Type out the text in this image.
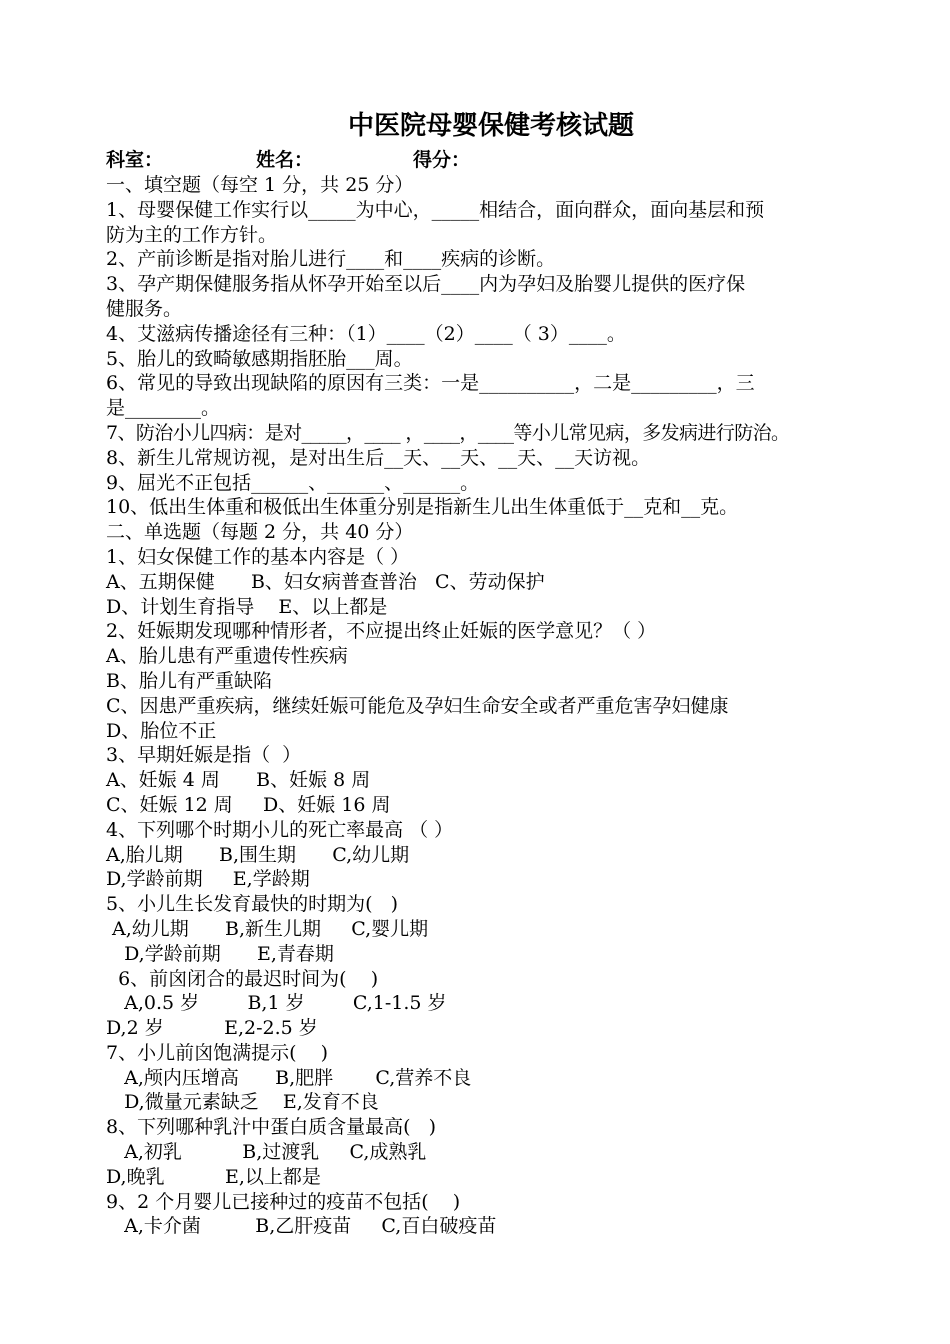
中医院母婴保健考核试题
科室：	姓名：	得分：
一、填空题（每空 1 分，共 25 分）
1、母婴保健工作实行以_____为中心，_____相结合，面向群众，面向基层和预
防为主的工作方针。
2、产前诊断是指对胎儿进行____和____疾病的诊断。
3、孕产期保健服务指从怀孕开始至以后____内为孕妇及胎婴儿提供的医疗保
健服务。
4、艾滋病传播途径有三种：（1）____（2）____（ 3）____。
5、胎儿的致畸敏感期指胚胎___周。
6、常见的导致出现缺陷的原因有三类：一是__________，二是_________，三
是________。
7、防治小儿四病：是对_____，____ ，____，____等小儿常见病，多发病进行防治。
8、新生儿常规访视，是对出生后__天、__天、__天、__天访视。
9、屈光不正包括______、______、______。
10、低出生体重和极低出生体重分别是指新生儿出生体重低于__克和__克。
二、单选题（每题 2 分，共 40 分）
1、妇女保健工作的基本内容是（ ）
A、五期保健      B、妇女病普查普治   C、劳动保护
D、计划生育指导    E、以上都是
2、妊娠期发现哪种情形者，不应提出终止妊娠的医学意见？（ ）
A、胎儿患有严重遗传性疾病
B、胎儿有严重缺陷
C、因患严重疾病，继续妊娠可能危及孕妇生命安全或者严重危害孕妇健康
D、胎位不正
3、早期妊娠是指（  ）
A、妊娠 4 周      B、妊娠 8 周
C、妊娠 12 周     D、妊娠 16 周
4、下列哪个时期小儿的死亡率最高 （ ）
A,胎儿期      B,围生期      C,幼儿期
D,学龄前期     E,学龄期
5、小儿生长发育最快的时期为(   )
A,幼儿期      B,新生儿期     C,婴儿期
D,学龄前期      E,青春期
6、前囟闭合的最迟时间为(    )
A,0.5 岁        B,1 岁        C,1-1.5 岁
D,2 岁          E,2-2.5 岁
7、小儿前囟饱满提示(    )
A,颅内压增高      B,肥胖       C,营养不良
D,微量元素缺乏    E,发育不良
8、下列哪种乳汁中蛋白质含量最高(   )
A,初乳          B,过渡乳     C,成熟乳
D,晚乳          E,以上都是
9、2 个月婴儿已接种过的疫苗不包括(    )
A,卡介菌         B,乙肝疫苗     C,百白破疫苗
